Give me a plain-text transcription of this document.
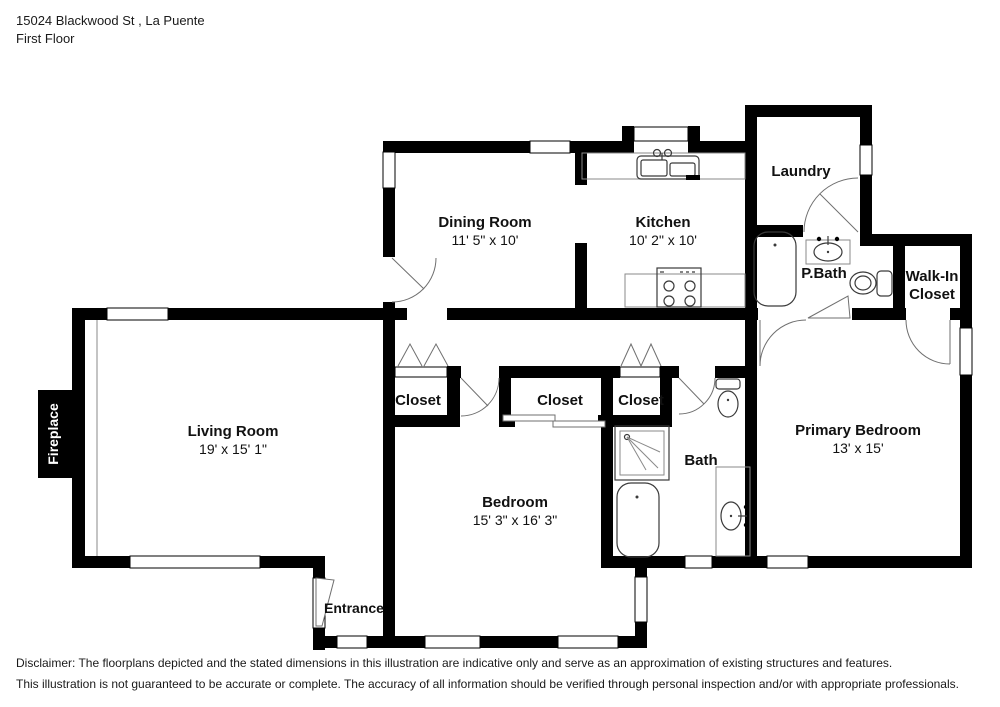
15024 Blackwood St , La Puente
First Floor
Dining Room
11' 5" x 10'
Kitchen
10' 2" x 10'
Laundry
P.Bath	Walk-In
Closet
Living Room
19' x 15' 1"
Bedroom
15' 3" x 16' 3"
Primary Bedroom
13' x 15'
Bath
Closet	Closet Closet
Entrance
Fireplace
Disclaimer: The floorplans depicted and the stated dimensions in this illustration are indicative only and serve as an approximation of existing structures and features.
This illustration is not guaranteed to be accurate or complete. The accuracy of all information should be verified through personal inspection and/or with appropriate professionals.
